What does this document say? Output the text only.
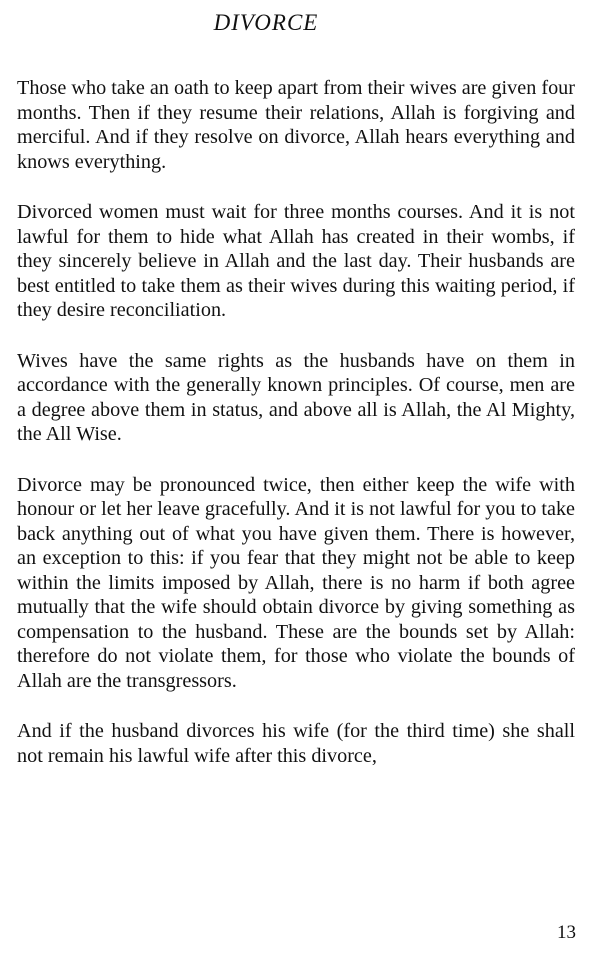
DIVORCE

Those who take an oath to keep apart from their wives are given four months. Then if they resume their relations, Allah is forgiving and merciful. And if they resolve on divorce, Allah hears everything and knows everything.

Divorced women must wait for three months courses. And it is not lawful for them to hide what Allah has created in their wombs, if they sincerely believe in Allah and the last day. Their husbands are best entitled to take them as their wives during this waiting period, if they desire reconciliation.

Wives have the same rights as the husbands have on them in accordance with the generally known principles. Of course, men are a degree above them in status, and above all is Allah, the Al Mighty, the All Wise.

Divorce may be pronounced twice, then either keep the wife with honour or let her leave gracefully. And it is not lawful for you to take back anything out of what you have given them. There is however, an exception to this: if you fear that they might not be able to keep within the limits imposed by Allah, there is no harm if both agree mutually that the wife should obtain divorce by giving something as compensation to the husband. These are the bounds set by Allah: therefore do not violate them, for those who violate the bounds of Allah are the transgressors.

And if the husband divorces his wife (for the third time) she shall not remain his lawful wife after this divorce,

13
